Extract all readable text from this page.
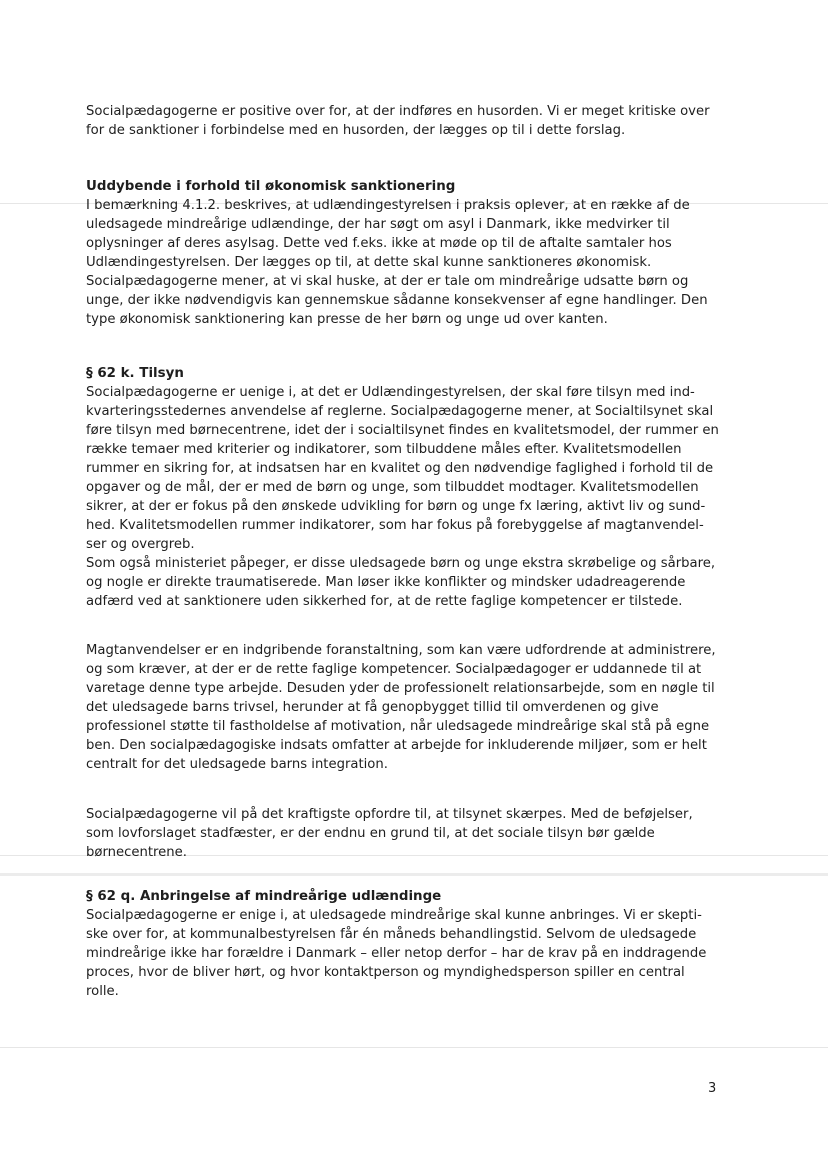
Socialpædagogerne er positive over for, at der indføres en husorden. Vi er meget kritiske over
for de sanktioner i forbindelse med en husorden, der lægges op til i dette forslag.

Uddybende i forhold til økonomisk sanktionering

I bemærkning 4.1.2. beskrives, at udlændingestyrelsen i praksis oplever, at en række af de
uledsagede mindreårige udlændinge, der har søgt om asyl i Danmark, ikke medvirker til
oplysninger af deres asylsag. Dette ved f.eks. ikke at møde op til de aftalte samtaler hos
Udlændingestyrelsen. Der lægges op til, at dette skal kunne sanktioneres økonomisk.
Socialpædagogerne mener, at vi skal huske, at der er tale om mindreårige udsatte børn og
unge, der ikke nødvendigvis kan gennemskue sådanne konsekvenser af egne handlinger. Den
type økonomisk sanktionering kan presse de her børn og unge ud over kanten.

§ 62 k. Tilsyn

Socialpædagogerne er uenige i, at det er Udlændingestyrelsen, der skal føre tilsyn med ind-
kvarteringsstedernes anvendelse af reglerne. Socialpædagogerne mener, at Socialtilsynet skal
føre tilsyn med børnecentrene, idet der i socialtilsynet findes en kvalitetsmodel, der rummer en
række temaer med kriterier og indikatorer, som tilbuddene måles efter. Kvalitetsmodellen
rummer en sikring for, at indsatsen har en kvalitet og den nødvendige faglighed i forhold til de
opgaver og de mål, der er med de børn og unge, som tilbuddet modtager. Kvalitetsmodellen
sikrer, at der er fokus på den ønskede udvikling for børn og unge fx læring, aktivt liv og sund-
hed. Kvalitetsmodellen rummer indikatorer, som har fokus på forebyggelse af magtanvendel-
ser og overgreb.
Som også ministeriet påpeger, er disse uledsagede børn og unge ekstra skrøbelige og sårbare,
og nogle er direkte traumatiserede. Man løser ikke konflikter og mindsker udadreagerende
adfærd ved at sanktionere uden sikkerhed for, at de rette faglige kompetencer er tilstede.

Magtanvendelser er en indgribende foranstaltning, som kan være udfordrende at administrere,
og som kræver, at der er de rette faglige kompetencer. Socialpædagoger er uddannede til at
varetage denne type arbejde. Desuden yder de professionelt relationsarbejde, som en nøgle til
det uledsagede barns trivsel, herunder at få genopbygget tillid til omverdenen og give
professionel støtte til fastholdelse af motivation, når uledsagede mindreårige skal stå på egne
ben. Den socialpædagogiske indsats omfatter at arbejde for inkluderende miljøer, som er helt
centralt for det uledsagede barns integration.

Socialpædagogerne vil på det kraftigste opfordre til, at tilsynet skærpes. Med de beføjelser,
som lovforslaget stadfæster, er der endnu en grund til, at det sociale tilsyn bør gælde
børnecentrene.

§ 62 q. Anbringelse af mindreårige udlændinge

Socialpædagogerne er enige i, at uledsagede mindreårige skal kunne anbringes. Vi er skepti-
ske over for, at kommunalbestyrelsen får én måneds behandlingstid. Selvom de uledsagede
mindreårige ikke har forældre i Danmark – eller netop derfor – har de krav på en inddragende
proces, hvor de bliver hørt, og hvor kontaktperson og myndighedsperson spiller en central
rolle.

3
